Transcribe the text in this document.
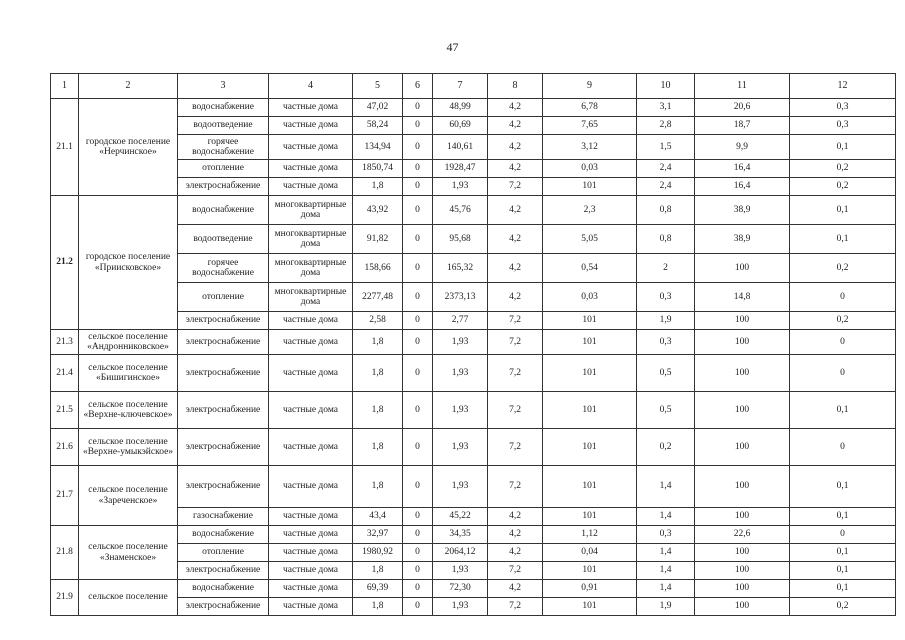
47
1	2	3	4	5	6	7	8	9	10	11	12
21.1	городское поселение «Нерчинское»	водоснабжение	частные дома	47,02	0	48,99	4,2	6,78	3,1	20,6	0,3
		водоотведение	частные дома	58,24	0	60,69	4,2	7,65	2,8	18,7	0,3
		горячее водоснабжение	частные дома	134,94	0	140,61	4,2	3,12	1,5	9,9	0,1
		отопление	частные дома	1850,74	0	1928,47	4,2	0,03	2,4	16,4	0,2
		электроснабжение	частные дома	1,8	0	1,93	7,2	101	2,4	16,4	0,2
21.2	городское поселение «Приисковское»	водоснабжение	многоквартирные дома	43,92	0	45,76	4,2	2,3	0,8	38,9	0,1
		водоотведение	многоквартирные дома	91,82	0	95,68	4,2	5,05	0,8	38,9	0,1
		горячее водоснабжение	многоквартирные дома	158,66	0	165,32	4,2	0,54	2	100	0,2
		отопление	многоквартирные дома	2277,48	0	2373,13	4,2	0,03	0,3	14,8	0
		электроснабжение	частные дома	2,58	0	2,77	7,2	101	1,9	100	0,2
21.3	сельское поселение «Андронниковское»	электроснабжение	частные дома	1,8	0	1,93	7,2	101	0,3	100	0
21.4	сельское поселение «Бишигинское»	электроснабжение	частные дома	1,8	0	1,93	7,2	101	0,5	100	0
21.5	сельское поселение «Верхне-ключевское»	электроснабжение	частные дома	1,8	0	1,93	7,2	101	0,5	100	0,1
21.6	сельское поселение «Верхне-умыкэйское»	электроснабжение	частные дома	1,8	0	1,93	7,2	101	0,2	100	0
21.7	сельское поселение «Зареченское»	электроснабжение	частные дома	1,8	0	1,93	7,2	101	1,4	100	0,1
		газоснабжение	частные дома	43,4	0	45,22	4,2	101	1,4	100	0,1
21.8	сельское поселение «Знаменское»	водоснабжение	частные дома	32,97	0	34,35	4,2	1,12	0,3	22,6	0
		отопление	частные дома	1980,92	0	2064,12	4,2	0,04	1,4	100	0,1
		электроснабжение	частные дома	1,8	0	1,93	7,2	101	1,4	100	0,1
21.9	сельское поселение	водоснабжение	частные дома	69,39	0	72,30	4,2	0,91	1,4	100	0,1
		электроснабжение	частные дома	1,8	0	1,93	7,2	101	1,9	100	0,2
